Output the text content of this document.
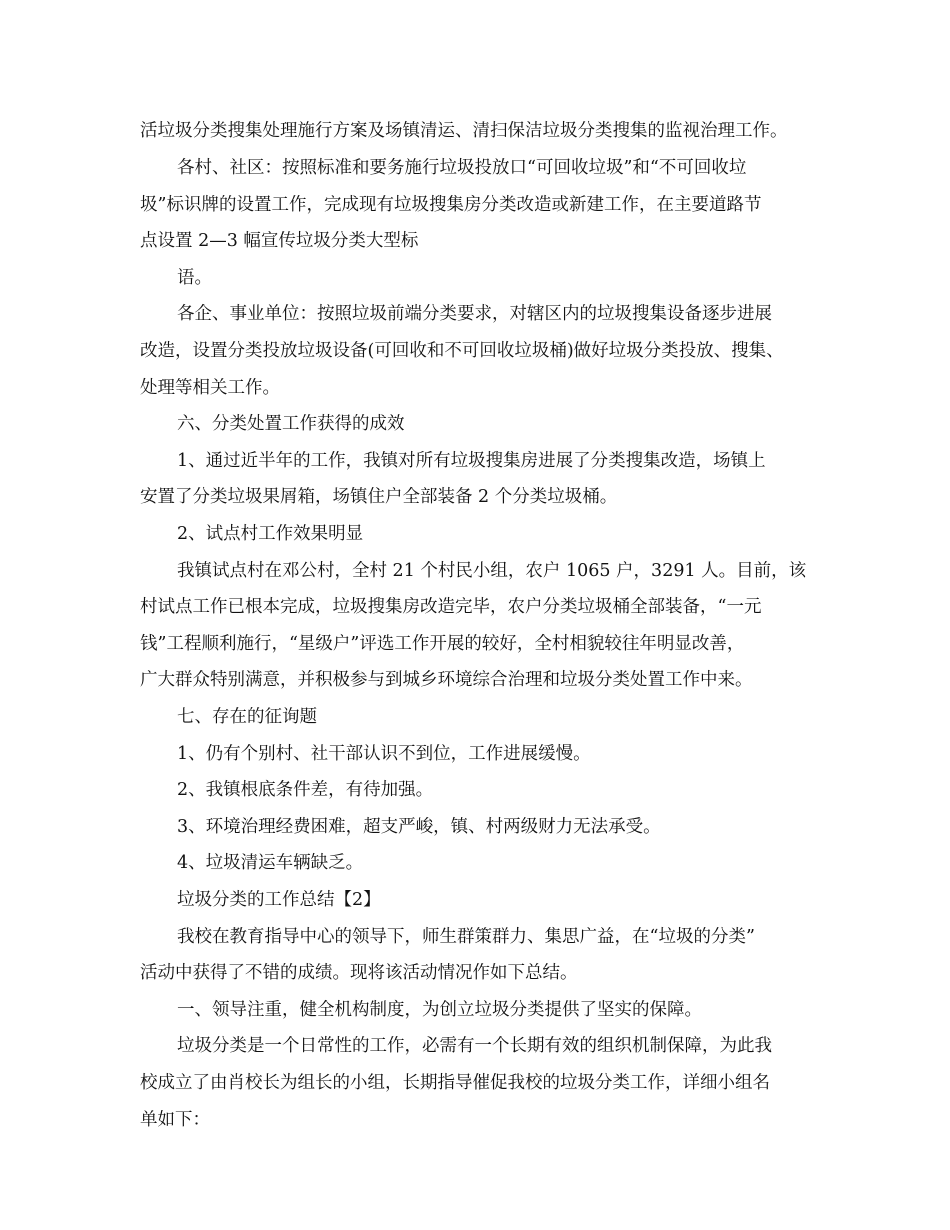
活垃圾分类搜集处理施行方案及场镇清运、清扫保洁垃圾分类搜集的监视治理工作。
各村、社区：按照标准和要务施行垃圾投放口“可回收垃圾”和“不可回收垃
圾”标识牌的设置工作，完成现有垃圾搜集房分类改造或新建工作，在主要道路节
点设置 2—3 幅宣传垃圾分类大型标
语。
各企、事业单位：按照垃圾前端分类要求，对辖区内的垃圾搜集设备逐步进展
改造，设置分类投放垃圾设备(可回收和不可回收垃圾桶)做好垃圾分类投放、搜集、
处理等相关工作。
六、分类处置工作获得的成效
1、通过近半年的工作，我镇对所有垃圾搜集房进展了分类搜集改造，场镇上
安置了分类垃圾果屑箱，场镇住户全部装备 2 个分类垃圾桶。
2、试点村工作效果明显
我镇试点村在邓公村，全村 21 个村民小组，农户 1065 户，3291 人。目前，该
村试点工作已根本完成，垃圾搜集房改造完毕，农户分类垃圾桶全部装备，“一元
钱”工程顺利施行，“星级户”评选工作开展的较好，全村相貌较往年明显改善，
广大群众特别满意，并积极参与到城乡环境综合治理和垃圾分类处置工作中来。
七、存在的征询题
1、仍有个别村、社干部认识不到位，工作进展缓慢。
2、我镇根底条件差，有待加强。
3、环境治理经费困难，超支严峻，镇、村两级财力无法承受。
4、垃圾清运车辆缺乏。
垃圾分类的工作总结【2】
我校在教育指导中心的领导下，师生群策群力、集思广益，在“垃圾的分类”
活动中获得了不错的成绩。现将该活动情况作如下总结。
一、领导注重，健全机构制度，为创立垃圾分类提供了坚实的保障。
垃圾分类是一个日常性的工作，必需有一个长期有效的组织机制保障，为此我
校成立了由肖校长为组长的小组，长期指导催促我校的垃圾分类工作，详细小组名
单如下：
